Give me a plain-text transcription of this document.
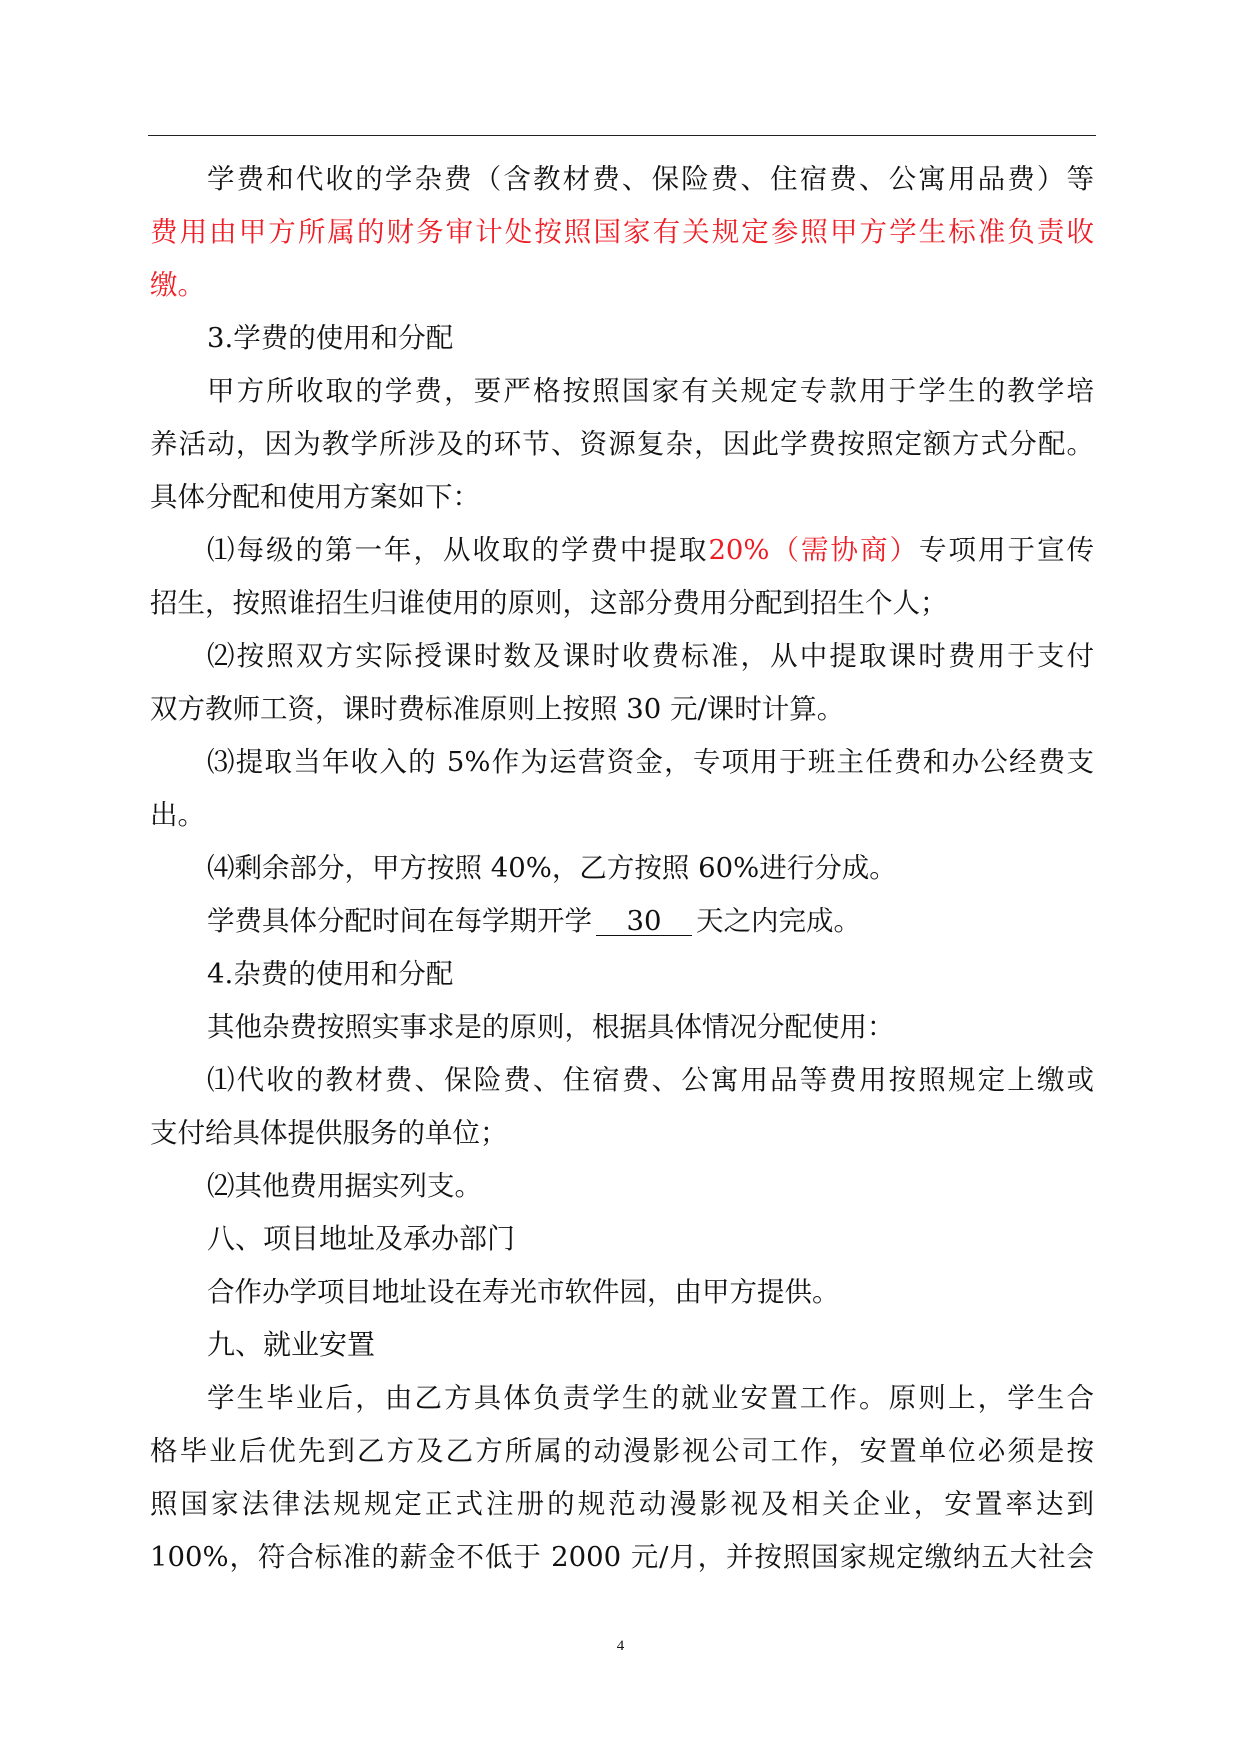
学费和代收的学杂费（含教材费、保险费、住宿费、公寓用品费）等
费用由甲方所属的财务审计处按照国家有关规定参照甲方学生标准负责收
缴。
3.学费的使用和分配
甲方所收取的学费，要严格按照国家有关规定专款用于学生的教学培
养活动，因为教学所涉及的环节、资源复杂，因此学费按照定额方式分配。
具体分配和使用方案如下：
⑴每级的第一年，从收取的学费中提取20%（需协商）专项用于宣传
招生，按照谁招生归谁使用的原则，这部分费用分配到招生个人；
⑵按照双方实际授课时数及课时收费标准，从中提取课时费用于支付
双方教师工资，课时费标准原则上按照 30 元/课时计算。
⑶提取当年收入的 5%作为运营资金，专项用于班主任费和办公经费支
出。
⑷剩余部分，甲方按照 40%，乙方按照 60%进行分成。
学费具体分配时间在每学期开学 30 天之内完成。
4.杂费的使用和分配
其他杂费按照实事求是的原则，根据具体情况分配使用：
⑴代收的教材费、保险费、住宿费、公寓用品等费用按照规定上缴或
支付给具体提供服务的单位；
⑵其他费用据实列支。
八、项目地址及承办部门
合作办学项目地址设在寿光市软件园，由甲方提供。
九、就业安置
学生毕业后，由乙方具体负责学生的就业安置工作。原则上，学生合
格毕业后优先到乙方及乙方所属的动漫影视公司工作，安置单位必须是按
照国家法律法规规定正式注册的规范动漫影视及相关企业，安置率达到
100%，符合标准的薪金不低于 2000 元/月，并按照国家规定缴纳五大社会
4
